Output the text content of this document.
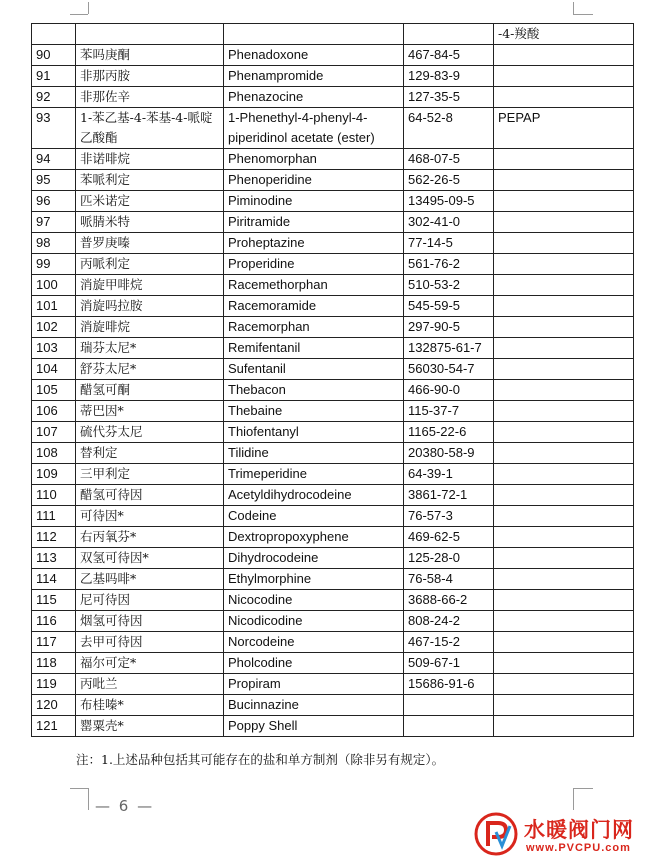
				-4-羧酸
90	苯吗庚酮	Phenadoxone	467-84-5	
91	非那丙胺	Phenampromide	129-83-9	
92	非那佐辛	Phenazocine	127-35-5	
93	1-苯乙基-4-苯基-4-哌啶乙酸酯	1-Phenethyl-4-phenyl-4-piperidinol acetate (ester)	64-52-8	PEPAP
94	非诺啡烷	Phenomorphan	468-07-5	
95	苯哌利定	Phenoperidine	562-26-5	
96	匹米诺定	Piminodine	13495-09-5	
97	哌腈米特	Piritramide	302-41-0	
98	普罗庚嗪	Proheptazine	77-14-5	
99	丙哌利定	Properidine	561-76-2	
100	消旋甲啡烷	Racemethorphan	510-53-2	
101	消旋吗拉胺	Racemoramide	545-59-5	
102	消旋啡烷	Racemorphan	297-90-5	
103	瑞芬太尼*	Remifentanil	132875-61-7	
104	舒芬太尼*	Sufentanil	56030-54-7	
105	醋氢可酮	Thebacon	466-90-0	
106	蒂巴因*	Thebaine	115-37-7	
107	硫代芬太尼	Thiofentanyl	1165-22-6	
108	替利定	Tilidine	20380-58-9	
109	三甲利定	Trimeperidine	64-39-1	
110	醋氢可待因	Acetyldihydrocodeine	3861-72-1	
111	可待因*	Codeine	76-57-3	
112	右丙氧芬*	Dextropropoxyphene	469-62-5	
113	双氢可待因*	Dihydrocodeine	125-28-0	
114	乙基吗啡*	Ethylmorphine	76-58-4	
115	尼可待因	Nicocodine	3688-66-2	
116	烟氢可待因	Nicodicodine	808-24-2	
117	去甲可待因	Norcodeine	467-15-2	
118	福尔可定*	Pholcodine	509-67-1	
119	丙吡兰	Propiram	15686-91-6	
120	布桂嗪*	Bucinnazine		
121	罂粟壳*	Poppy Shell		
注：1.上述品种包括其可能存在的盐和单方制剂（除非另有规定）。
— 6 —
水暖阀门网
www.PVCPU.com
